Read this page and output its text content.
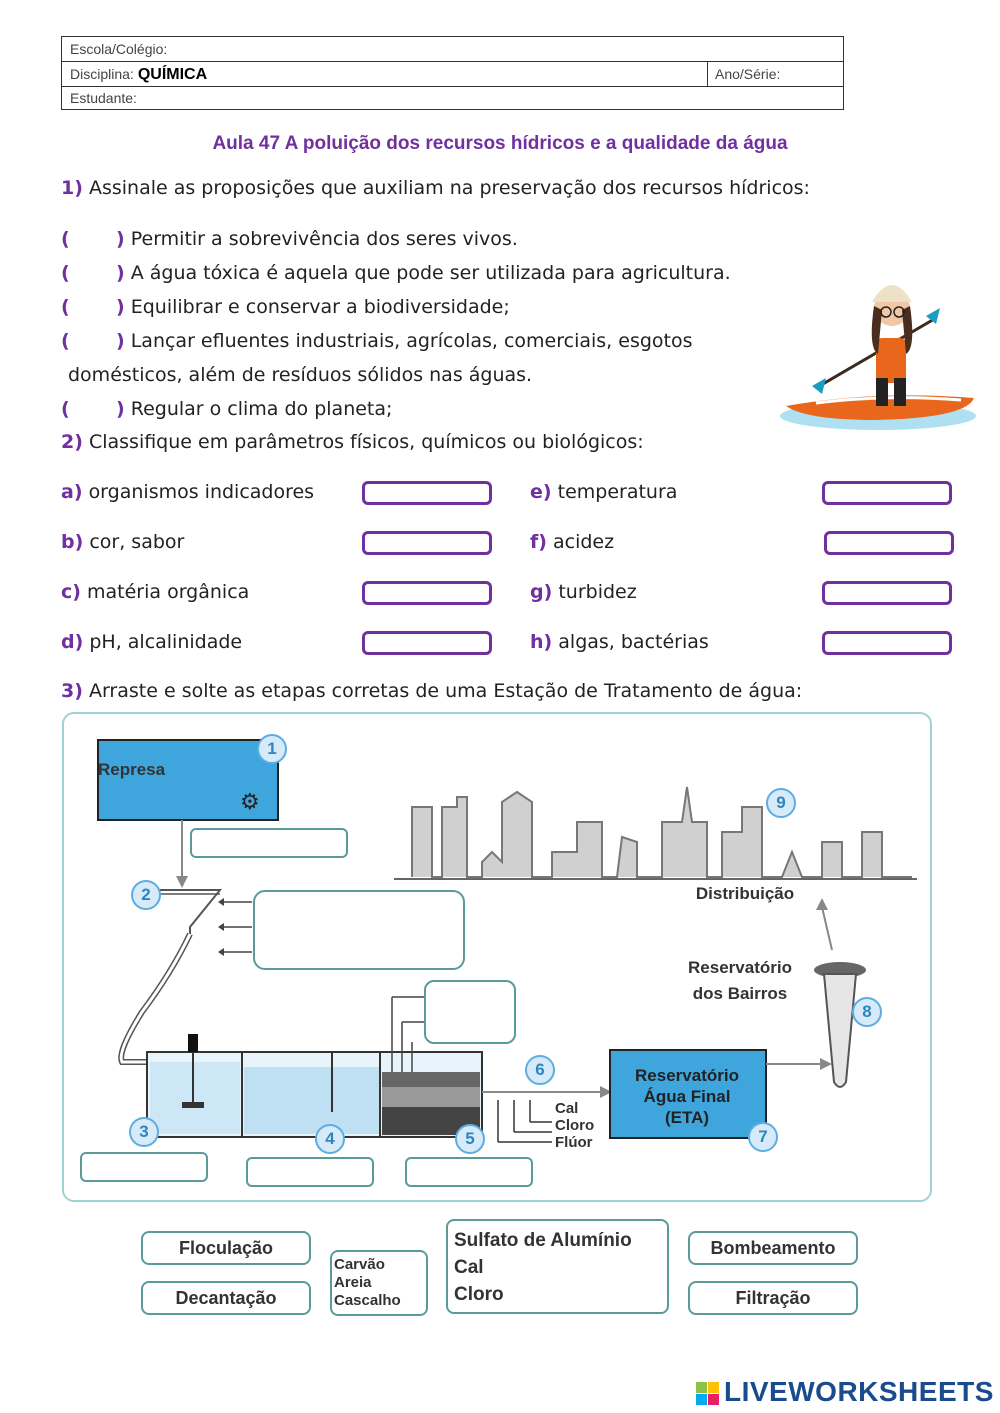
Escola/Colégio:
Disciplina: QUÍMICA	Ano/Série:
Estudante:
Aula 47 A poluição dos recursos hídricos e a qualidade da água
1) Assinale as proposições que auxiliam na preservação dos recursos hídricos:
(       ) Permitir a sobrevivência dos seres vivos.
(       ) A água tóxica é aquela que pode ser utilizada para agricultura.
(       ) Equilibrar e conservar a biodiversidade;
(       ) Lançar efluentes industriais, agrícolas, comerciais, esgotos
domésticos, além de resíduos sólidos nas águas.
(       ) Regular o clima do planeta;
2) Classifique em parâmetros físicos, químicos ou biológicos:
a) organismos indicadores
b) cor, sabor
c) matéria orgânica
d) pH, alcalinidade
e) temperatura
f) acidez
g) turbidez
h) algas, bactérias
3) Arraste e solte as etapas corretas de uma Estação de Tratamento de água:
Represa
⚙
Distribuição
Reservatório
dos Bairros
Reservatório
Água Final
(ETA)
Cal
Cloro
Flúor
1
2
3	4	5
6
7
8
9
Floculação
Decantação
Carvão
Areia
Cascalho
Sulfato de Alumínio
Cal
Cloro
Bombeamento
Filtração
LIVEWORKSHEETS
